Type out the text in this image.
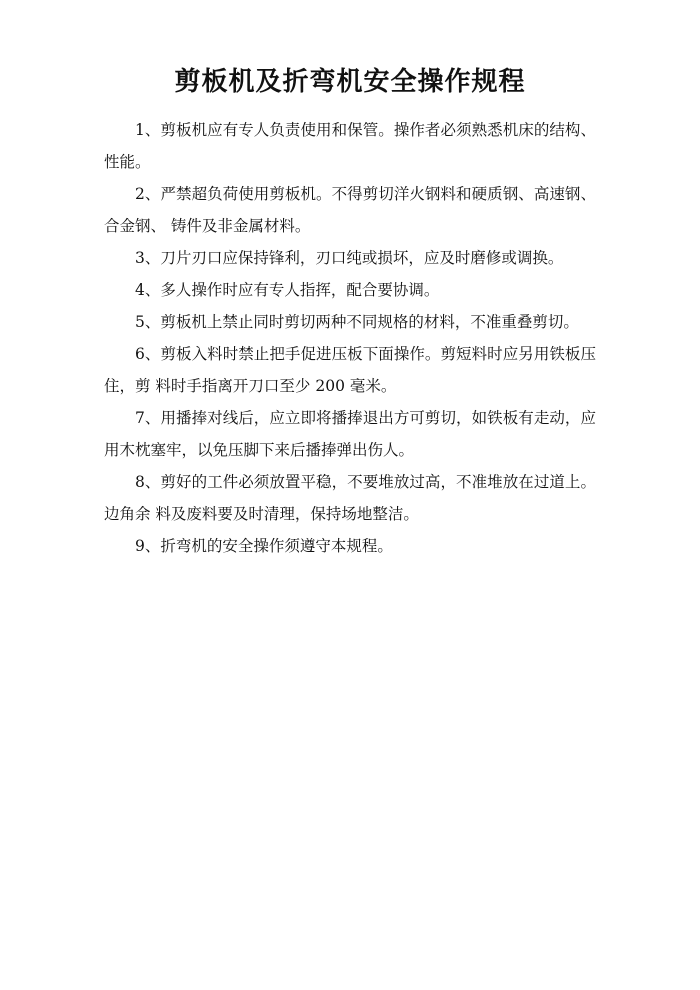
剪板机及折弯机安全操作规程

1、剪板机应有专人负责使用和保管。操作者必须熟悉机床的结构、性能。

2、严禁超负荷使用剪板机。不得剪切洋火钢料和硬质钢、高速钢、合金钢、 铸件及非金属材料。

3、刀片刃口应保持锋利，刃口纯或损坏，应及时磨修或调换。

4、多人操作时应有专人指挥，配合要协调。

5、剪板机上禁止同时剪切两种不同规格的材料，不准重叠剪切。

6、剪板入料时禁止把手促进压板下面操作。剪短料时应另用铁板压住，剪 料时手指离开刀口至少 200 毫米。

7、用播捧对线后，应立即将播捧退出方可剪切，如铁板有走动，应用木枕塞牢，以免压脚下来后播捧弹出伤人。

8、剪好的工件必须放置平稳，不要堆放过高，不准堆放在过道上。边角余 料及废料要及时清理，保持场地整洁。

9、折弯机的安全操作须遵守本规程。
